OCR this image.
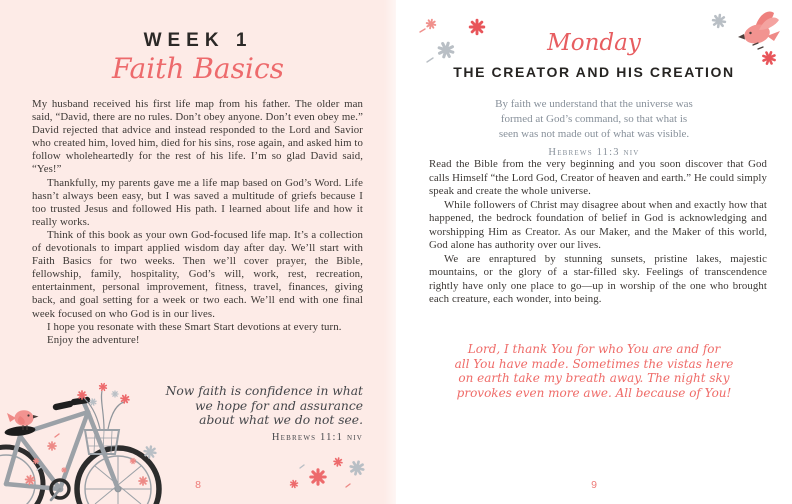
WEEK 1
Faith Basics

My husband received his first life map from his father. The older man said, “David, there are no rules. Don’t obey anyone. Don’t even obey me.” David rejected that advice and instead responded to the Lord and Savior who created him, loved him, died for his sins, rose again, and asked him to follow wholeheartedly for the rest of his life. I’m so glad David said, “Yes!”

Thankfully, my parents gave me a life map based on God’s Word. Life hasn’t always been easy, but I was saved a multitude of griefs because I too trusted Jesus and followed His path. I learned about life and how it really works.

Think of this book as your own God-focused life map. It’s a collection of devotionals to impart applied wisdom day after day. We’ll start with Faith Basics for two weeks. Then we’ll cover prayer, the Bible, fellowship, family, hospitality, God’s will, work, rest, recreation, entertainment, personal improvement, fitness, travel, finances, giving back, and goal setting for a week or two each. We’ll end with one final week focused on who God is in our lives.

I hope you resonate with these Smart Start devotions at every turn.

Enjoy the adventure!

Now faith is confidence in what
we hope for and assurance
about what we do not see.
Hebrews 11:1 niv
8
Monday
THE CREATOR AND HIS CREATION
By faith we understand that the universe was
formed at God’s command, so that what is
seen was not made out of what was visible.
Hebrews 11:3 niv

Read the Bible from the very beginning and you soon discover that God calls Himself “the Lord God, Creator of heaven and earth.” He could simply speak and create the whole universe.

While followers of Christ may disagree about when and exactly how that happened, the bedrock foundation of belief in God is acknowledging and worshipping Him as Creator. As our Maker, and the Maker of this world, God alone has authority over our lives.

We are enraptured by stunning sunsets, pristine lakes, majestic mountains, or the glory of a star-filled sky. Feelings of transcendence rightly have only one place to go—up in worship of the one who brought each creature, each wonder, into being.

Lord, I thank You for who You are and for
all You have made. Sometimes the vistas here
on earth take my breath away. The night sky
provokes even more awe. All because of You!
9
